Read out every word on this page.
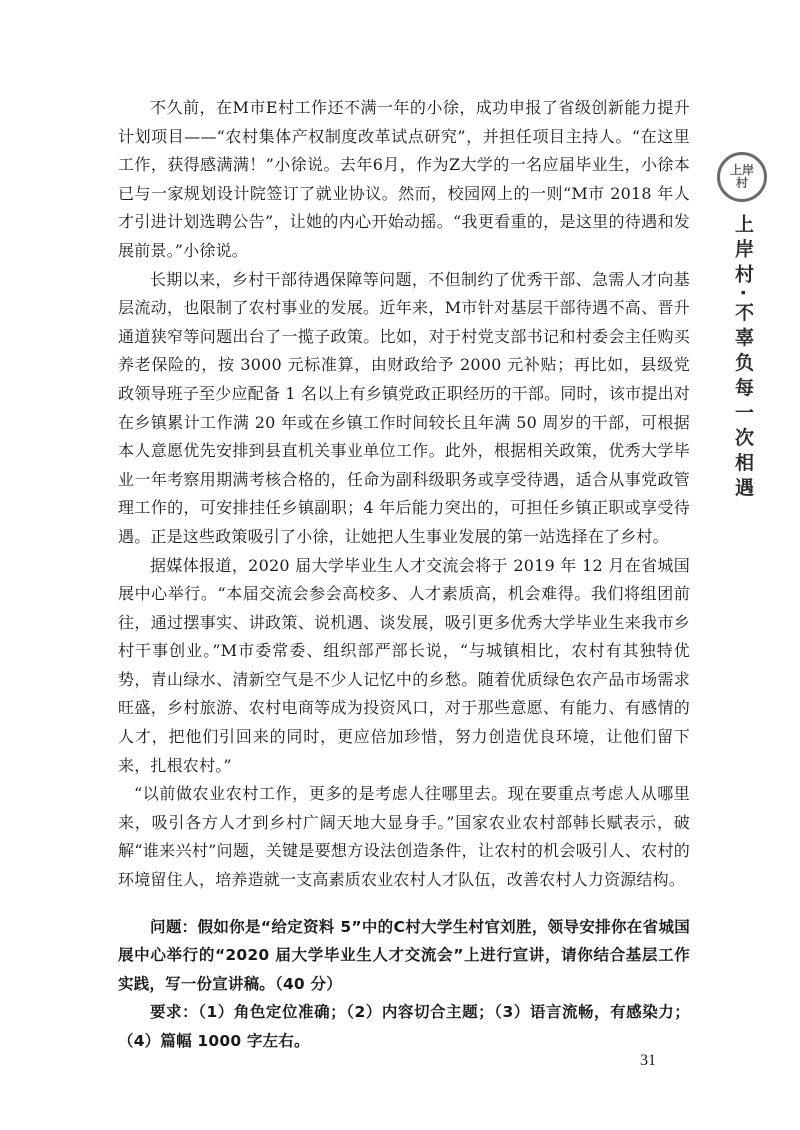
不久前，在M市E村工作还不满一年的小徐，成功申报了省级创新能力提升计划项目——“农村集体产权制度改革试点研究”，并担任项目主持人。“在这里工作，获得感满满！”小徐说。去年6月，作为Z大学的一名应届毕业生，小徐本已与一家规划设计院签订了就业协议。然而，校园网上的一则“M市 2018 年人才引进计划选聘公告”，让她的内心开始动摇。“我更看重的，是这里的待遇和发展前景。”小徐说。

长期以来，乡村干部待遇保障等问题，不但制约了优秀干部、急需人才向基层流动，也限制了农村事业的发展。近年来，M市针对基层干部待遇不高、晋升通道狭窄等问题出台了一揽子政策。比如，对于村党支部书记和村委会主任购买养老保险的，按 3000 元标准算，由财政给予 2000 元补贴；再比如，县级党政领导班子至少应配备 1 名以上有乡镇党政正职经历的干部。同时，该市提出对在乡镇累计工作满 20 年或在乡镇工作时间较长且年满 50 周岁的干部，可根据本人意愿优先安排到县直机关事业单位工作。此外，根据相关政策，优秀大学毕业一年考察用期满考核合格的，任命为副科级职务或享受待遇，适合从事党政管理工作的，可安排挂任乡镇副职；4 年后能力突出的，可担任乡镇正职或享受待遇。正是这些政策吸引了小徐，让她把人生事业发展的第一站选择在了乡村。

据媒体报道，2020 届大学毕业生人才交流会将于 2019 年 12 月在省城国展中心举行。“本届交流会参会高校多、人才素质高，机会难得。我们将组团前往，通过摆事实、讲政策、说机遇、谈发展，吸引更多优秀大学毕业生来我市乡村干事创业。”M市委常委、组织部严部长说，“与城镇相比，农村有其独特优势，青山绿水、清新空气是不少人记忆中的乡愁。随着优质绿色农产品市场需求旺盛，乡村旅游、农村电商等成为投资风口，对于那些意愿、有能力、有感情的人才，把他们引回来的同时，更应倍加珍惜，努力创造优良环境，让他们留下来，扎根农村。”

“以前做农业农村工作，更多的是考虑人往哪里去。现在要重点考虑人从哪里来，吸引各方人才到乡村广阔天地大显身手。”国家农业农村部韩长赋表示，破解“谁来兴村”问题，关键是要想方设法创造条件，让农村的机会吸引人、农村的环境留住人，培养造就一支高素质农业农村人才队伍，改善农村人力资源结构。

问题：假如你是“给定资料 5”中的C村大学生村官刘胜，领导安排你在省城国展中心举行的“2020 届大学毕业生人才交流会”上进行宣讲，请你结合基层工作实践，写一份宣讲稿。（40 分）

要求：（1）角色定位准确；（2）内容切合主题；（3）语言流畅，有感染力；（4）篇幅 1000 字左右。

上岸
村
上岸村·不辜负每一次相遇
31
